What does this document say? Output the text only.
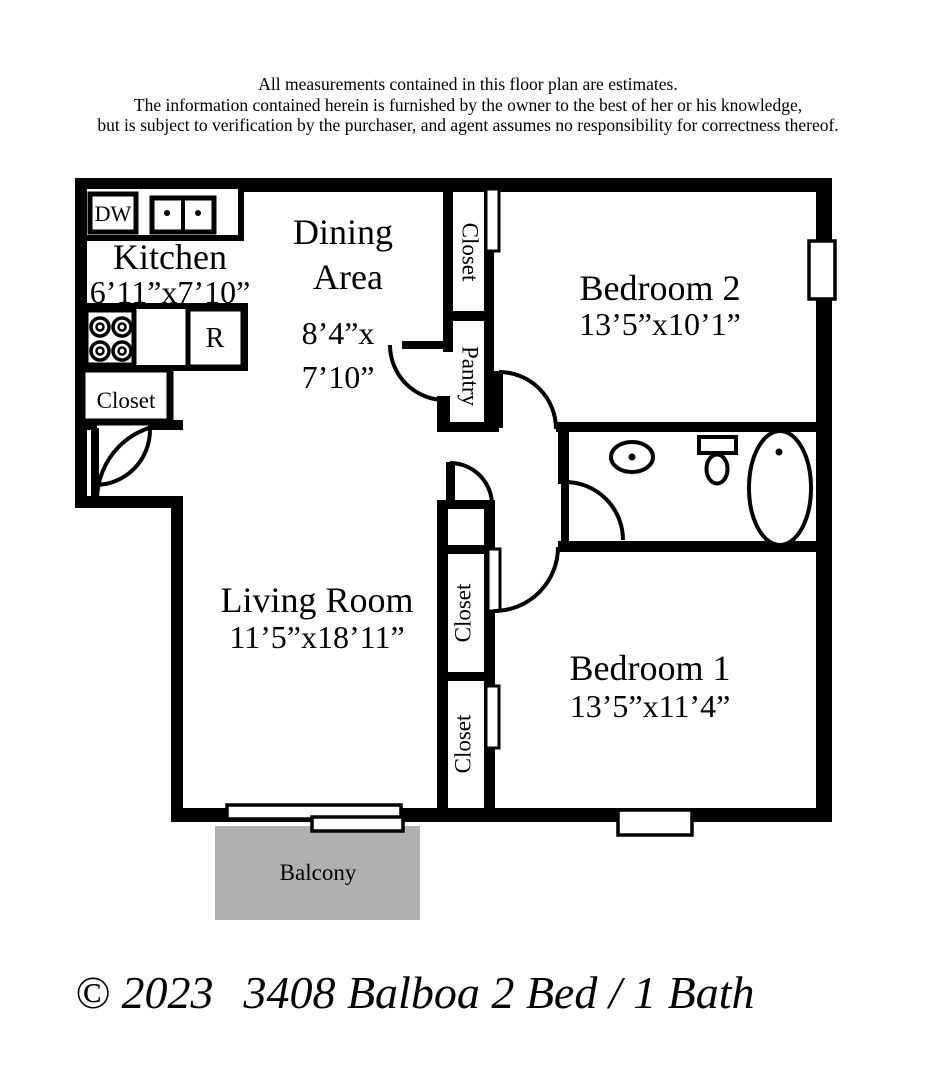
All measurements contained in this floor plan are estimates.
The information contained herein is furnished by the owner to the best of her or his knowledge,
but is subject to verification by the purchaser, and agent assumes no responsibility for correctness thereof.
Kitchen
6’11”x7’10”
Dining
Area
8’4”x
7’10”
Bedroom 2
13’5”x10’1”
Living Room
11’5”x18’11”
Bedroom 1
13’5”x11’4”
Closet
DW
R
Balcony
Closet
Pantry
Closet
Closet
© 2023 3408 Balboa 2 Bed / 1 Bath
